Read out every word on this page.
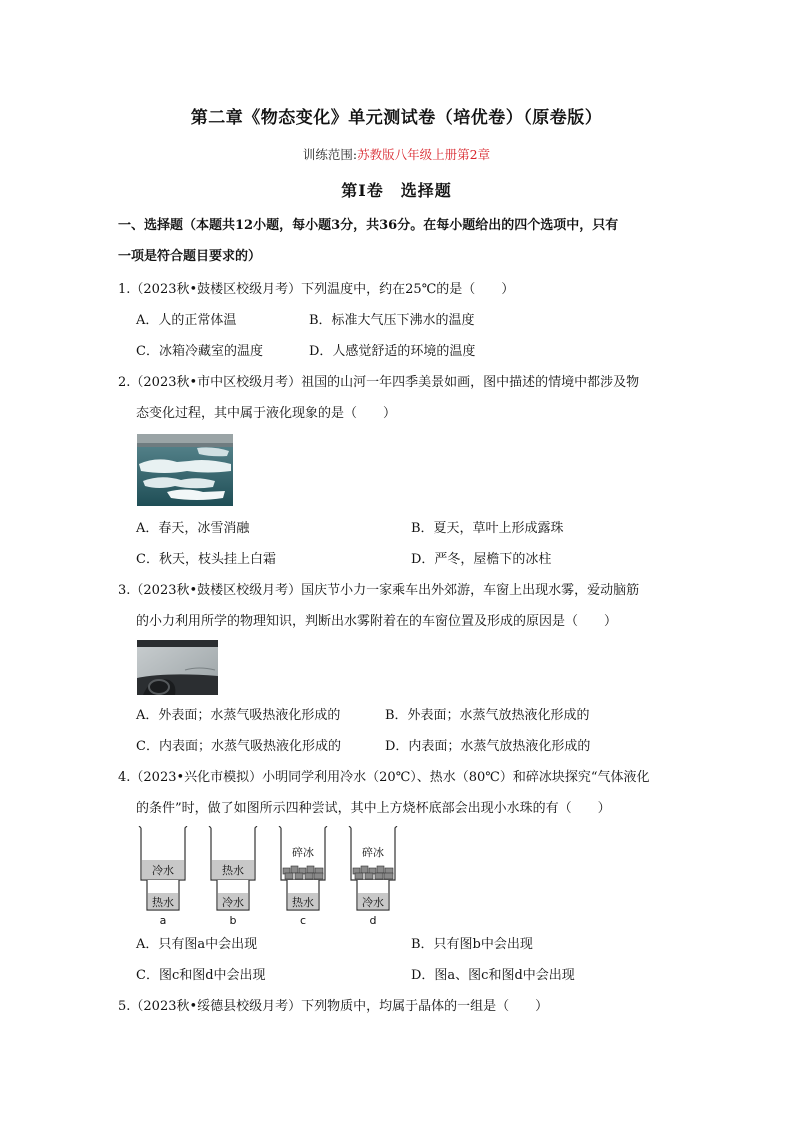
第二章《物态变化》单元测试卷（培优卷）（原卷版）
训练范围:苏教版八年级上册第2章
第Ⅰ卷　选择题
一、选择题（本题共12小题，每小题3分，共36分。在每小题给出的四个选项中，只有
一项是符合题目要求的）
1.（2023秋•鼓楼区校级月考）下列温度中，约在25℃的是（　　）
A．人的正常体温	B．标准大气压下沸水的温度
C．冰箱冷藏室的温度	D．人感觉舒适的环境的温度
2.（2023秋•市中区校级月考）祖国的山河一年四季美景如画，图中描述的情境中都涉及物
态变化过程，其中属于液化现象的是（　　）
A．春天，冰雪消融	B．夏天，草叶上形成露珠
C．秋天，枝头挂上白霜	D．严冬，屋檐下的冰柱
3.（2023秋•鼓楼区校级月考）国庆节小力一家乘车出外郊游，车窗上出现水雾，爱动脑筋
的小力利用所学的物理知识，判断出水雾附着在的车窗位置及形成的原因是（　　）
A．外表面；水蒸气吸热液化形成的	B．外表面；水蒸气放热液化形成的
C．内表面；水蒸气吸热液化形成的	D．内表面；水蒸气放热液化形成的
4.（2023•兴化市模拟）小明同学利用冷水（20℃）、热水（80℃）和碎冰块探究“气体液化
的条件”时，做了如图所示四种尝试，其中上方烧杯底部会出现小水珠的有（　　）
冷水
热水
a
热水
冷水
b
碎冰
热水
c
碎冰
冷水
d
A．只有图a中会出现	B．只有图b中会出现
C．图c和图d中会出现	D．图a、图c和图d中会出现
5.（2023秋•绥德县校级月考）下列物质中，均属于晶体的一组是（　　）
